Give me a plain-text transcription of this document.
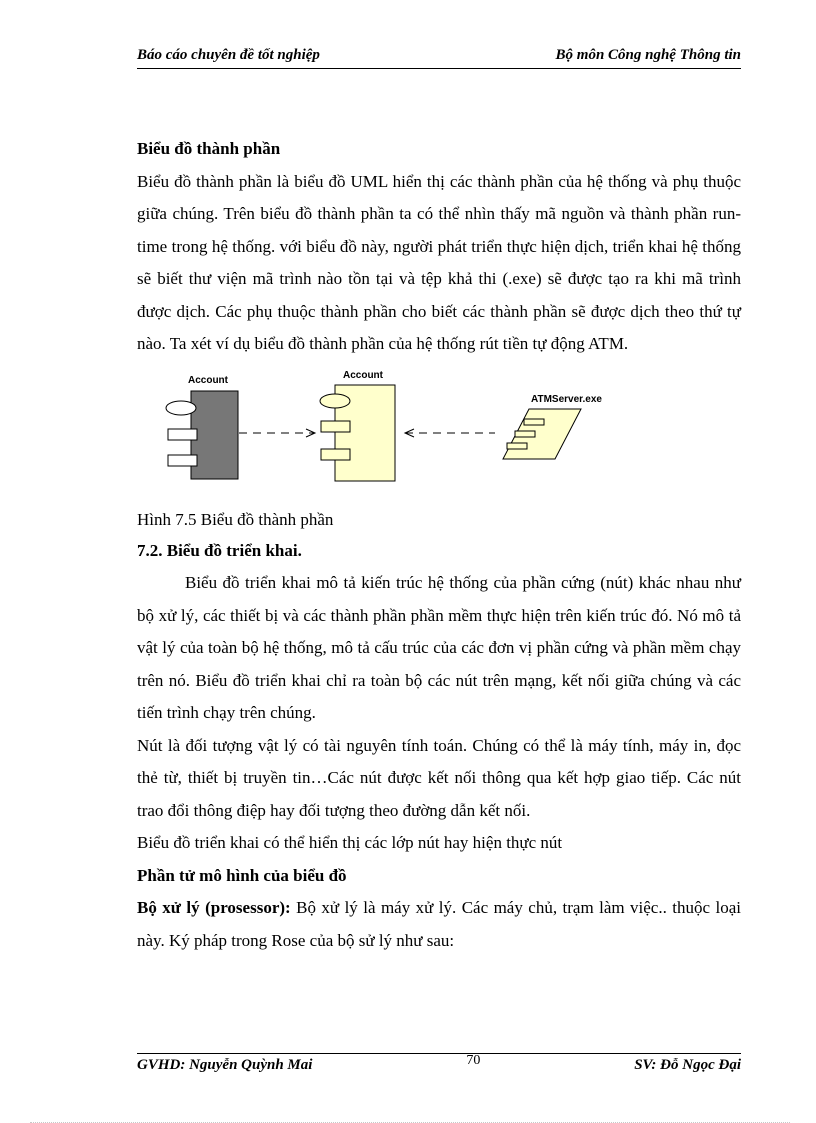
Báo cáo chuyên đề tốt nghiệp	Bộ môn Công nghệ Thông tin

Biểu đồ thành phần

Biểu đồ thành phần là biểu đồ UML hiển thị các thành phần của hệ thống và phụ thuộc giữa chúng. Trên biểu đồ thành phần ta có thể nhìn thấy mã nguồn và thành phần run-time trong hệ thống. với biểu đồ này, người phát triển thực hiện dịch, triển khai hệ thống sẽ biết thư viện mã trình nào tồn tại và tệp khả thi (.exe) sẽ được tạo ra khi mã trình được dịch. Các phụ thuộc thành phần cho biết các thành phần sẽ được dịch theo thứ tự nào. Ta xét ví dụ biểu đồ thành phần của hệ thống rút tiền tự động ATM.

Account	Account
ATMServer.exe

Hình 7.5 Biểu đồ thành phần

7.2. Biểu đồ triển khai.

Biểu đồ triển khai mô tả kiến trúc hệ thống của phần cứng (nút) khác nhau như bộ xử lý, các thiết bị và các thành phần phần mềm thực hiện trên kiến trúc đó. Nó mô tả vật lý của toàn bộ hệ thống, mô tả cấu trúc của các đơn vị phần cứng và phần mềm chạy trên nó. Biểu đồ triển khai chỉ ra toàn bộ các nút trên mạng, kết nối giữa chúng và các tiến trình chạy trên chúng.

Nút là đối tượng vật lý có tài nguyên tính toán. Chúng có thể là máy tính, máy in, đọc thẻ từ, thiết bị truyền tin…Các nút được kết nối thông qua kết hợp giao tiếp. Các nút trao đổi thông điệp hay đối tượng theo đường dẫn kết nối.

Biểu đồ triển khai có thể hiển thị các lớp nút hay hiện thực nút

Phần tử mô hình của biểu đồ

Bộ xử lý (prosessor): Bộ xử lý là máy xử lý. Các máy chủ, trạm làm việc.. thuộc loại này. Ký pháp trong Rose của bộ sử lý như sau:

GVHD: Nguyễn Quỳnh Mai	70	SV: Đỗ Ngọc Đại
